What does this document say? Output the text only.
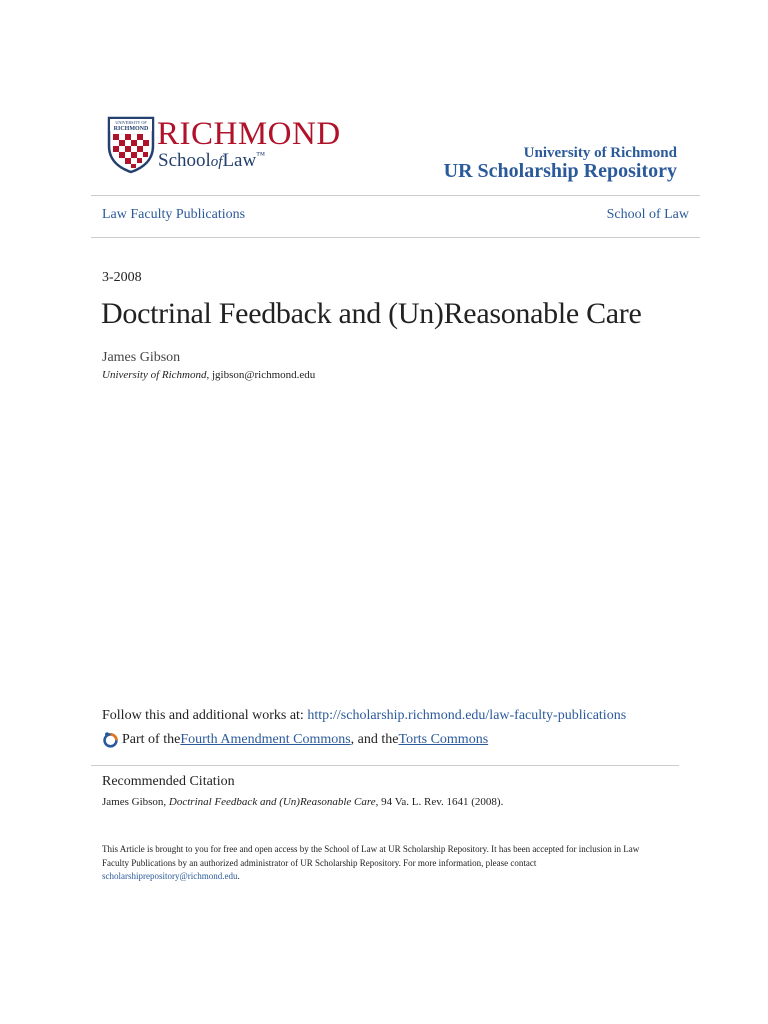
UNIVERSITY OF
RICHMOND RICHMOND
SchoolofLaw™	University of Richmond
UR Scholarship Repository
Law Faculty Publications	School of Law
3-2008
Doctrinal Feedback and (Un)Reasonable Care
James Gibson
University of Richmond, jgibson@richmond.edu
Follow this and additional works at: http://scholarship.richmond.edu/law-faculty-publications
Part of the Fourth Amendment Commons , and the Torts Commons
Recommended Citation
James Gibson, Doctrinal Feedback and (Un)Reasonable Care, 94 Va. L. Rev. 1641 (2008).
This Article is brought to you for free and open access by the School of Law at UR Scholarship Repository. It has been accepted for inclusion in Law Faculty Publications by an authorized administrator of UR Scholarship Repository. For more information, please contact scholarshiprepository@richmond.edu.
